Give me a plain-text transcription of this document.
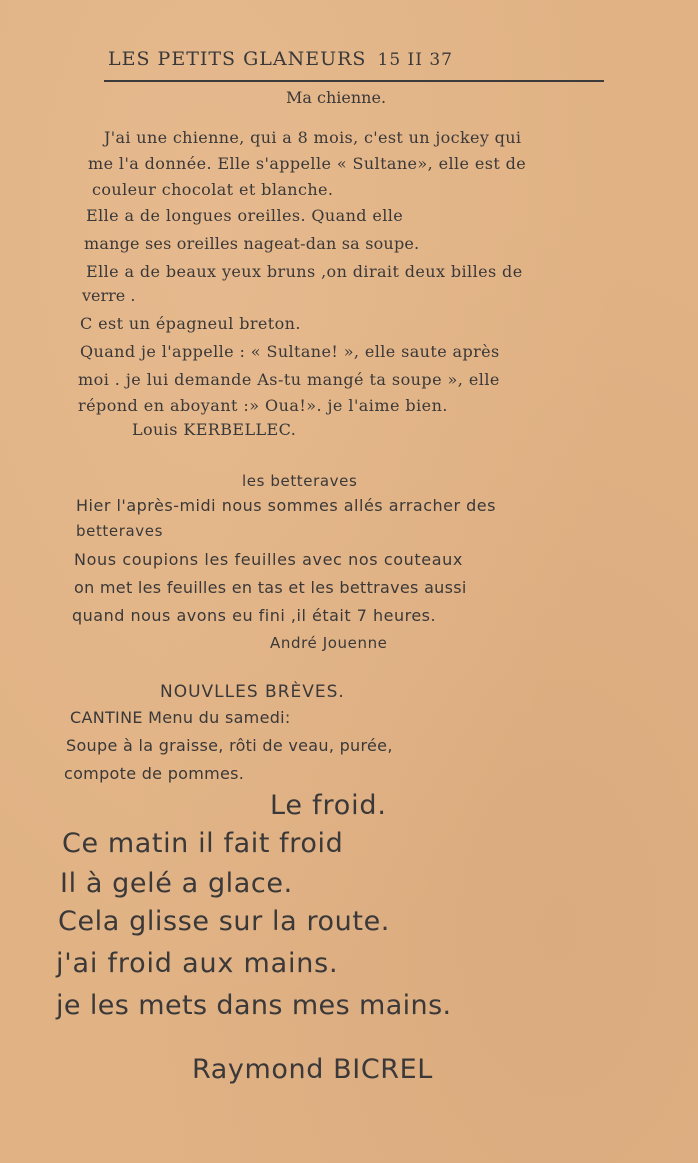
LES PETITS GLANEURS 15 II 37
Ma chienne.
J'ai une chienne, qui a 8 mois, c'est un jockey qui
me l'a donnée. Elle s'appelle « Sultane», elle est de
couleur chocolat et blanche.
Elle a de longues oreilles. Quand elle
mange ses oreilles nageat-dan sa soupe.
Elle a de beaux yeux bruns ,on dirait deux billes de
verre .
C est un épagneul breton.
Quand je l'appelle : « Sultane! », elle saute après
moi . je lui demande As-tu mangé ta soupe », elle
répond en aboyant :» Oua!». je l'aime bien.
Louis KERBELLEC.
les betteraves
Hier l'après-midi nous sommes allés arracher des
betteraves
Nous coupions les feuilles avec nos couteaux
on met les feuilles en tas et les bettraves aussi
quand nous avons eu fini ,il était 7 heures.
André Jouenne
NOUVLLES BRÈVES.
CANTINE Menu du samedi:
Soupe à la graisse, rôti de veau, purée,
compote de pommes.
Le froid.
Ce matin il fait froid
Il à gelé a glace.
Cela glisse sur la route.
j'ai froid aux mains.
je les mets dans mes mains.
Raymond BICREL
